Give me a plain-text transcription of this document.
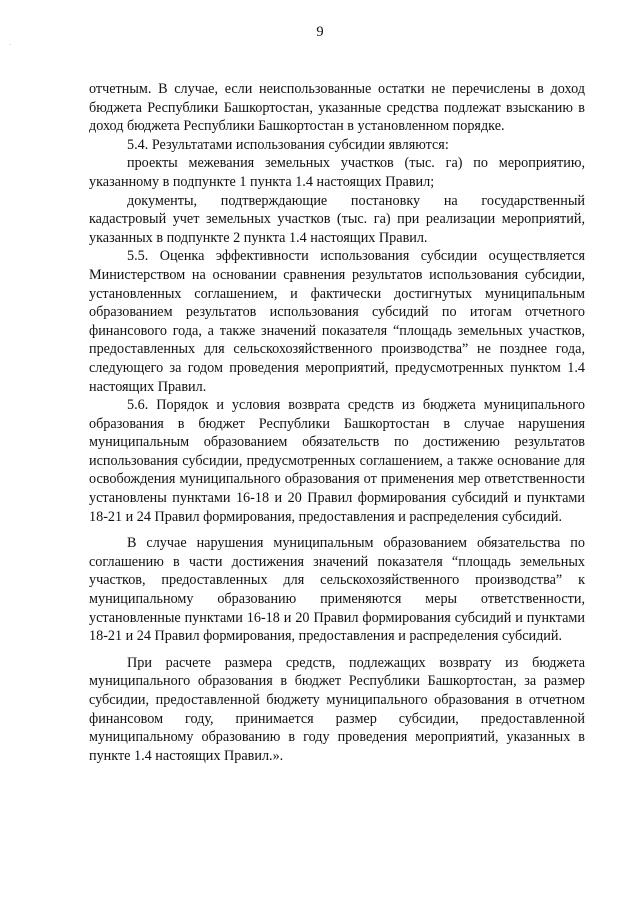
.
9

отчетным. В случае, если неиспользованные остатки не перечислены в доход бюджета Республики Башкортостан, указанные средства подлежат взысканию в доход бюджета Республики Башкортостан в установленном порядке.

5.4. Результатами использования субсидии являются:

проекты межевания земельных участков (тыс. га) по мероприятию, указанному в подпункте 1 пункта 1.4 настоящих Правил;

документы, подтверждающие постановку на государственный кадастровый учет земельных участков (тыс. га) при реализации мероприятий, указанных в подпункте 2 пункта 1.4 настоящих Правил.

5.5. Оценка эффективности использования субсидии осуществляется Министерством на основании сравнения результатов использования субсидии, установленных соглашением, и фактически достигнутых муниципальным образованием результатов использования субсидий по итогам отчетного финансового года, а также значений показателя “площадь земельных участков, предоставленных для сельскохозяйственного производства” не позднее года, следующего за годом проведения мероприятий, предусмотренных пунктом 1.4 настоящих Правил.

5.6. Порядок и условия возврата средств из бюджета муниципального образования в бюджет Республики Башкортостан в случае нарушения муниципальным образованием обязательств по достижению результатов использования субсидии, предусмотренных соглашением, а также основание для освобождения муниципального образования от применения мер ответственности установлены пунктами 16-18 и 20 Правил формирования субсидий и пунктами 18-21 и 24 Правил формирования, предоставления и распределения субсидий.

В случае нарушения муниципальным образованием обязательства по соглашению в части достижения значений показателя “площадь земельных участков, предоставленных для сельскохозяйственного производства” к муниципальному образованию применяются меры ответственности, установленные пунктами 16-18 и 20 Правил формирования субсидий и пунктами 18-21 и 24 Правил формирования, предоставления и распределения субсидий.

При расчете размера средств, подлежащих возврату из бюджета муниципального образования в бюджет Республики Башкортостан, за размер субсидии, предоставленной бюджету муниципального образования в отчетном финансовом году, принимается размер субсидии, предоставленной муниципальному образованию в году проведения мероприятий, указанных в пункте 1.4 настоящих Правил.».
